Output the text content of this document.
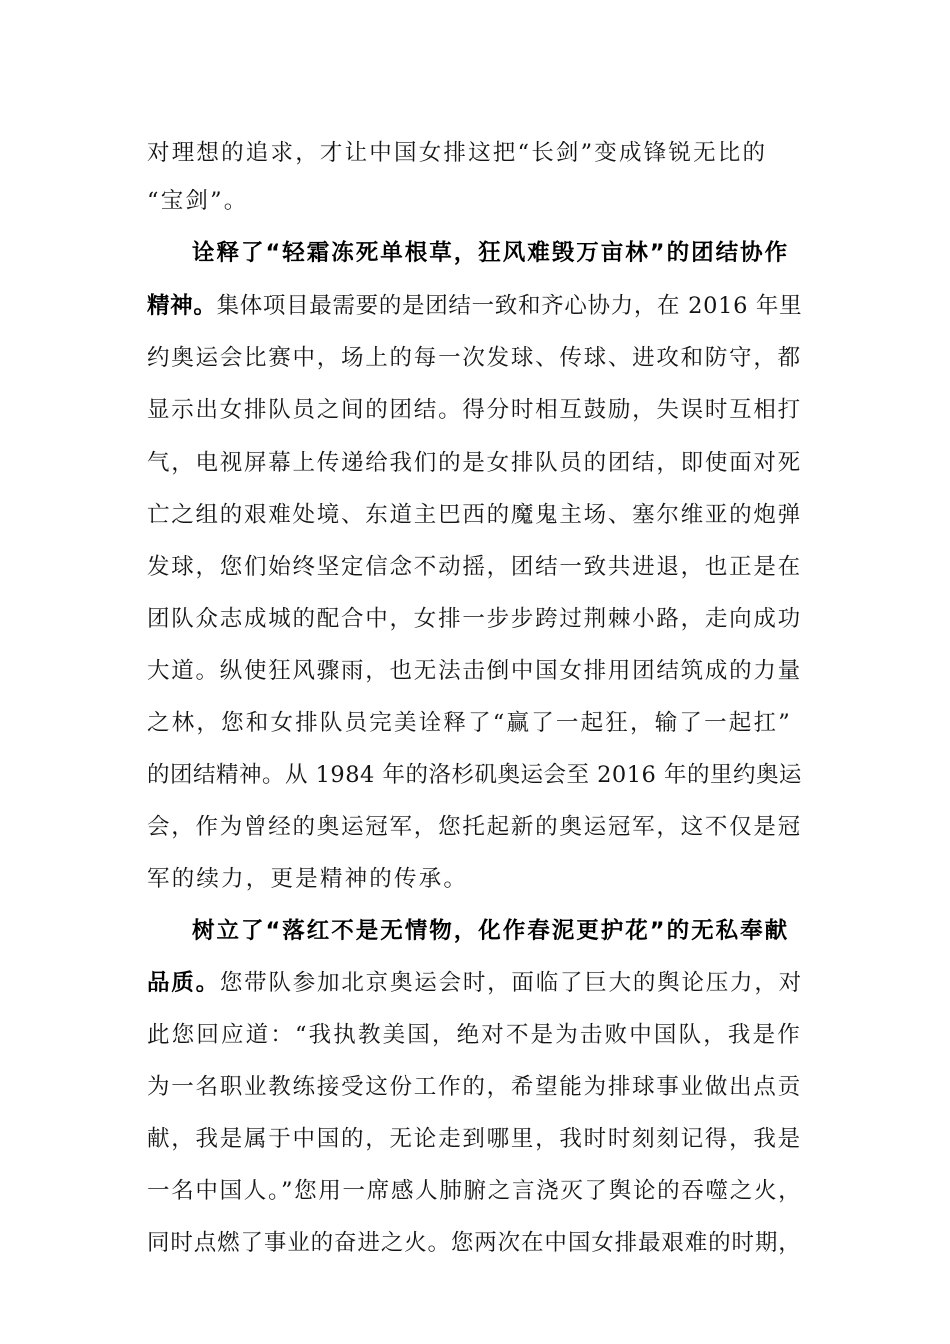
对理想的追求，才让中国女排这把“长剑”变成锋锐无比的
“宝剑”。
诠释了“轻霜冻死单根草，狂风难毁万亩林”的团结协作
精神。集体项目最需要的是团结一致和齐心协力，在 2016 年里
约奥运会比赛中，场上的每一次发球、传球、进攻和防守，都
显示出女排队员之间的团结。得分时相互鼓励，失误时互相打
气，电视屏幕上传递给我们的是女排队员的团结，即使面对死
亡之组的艰难处境、东道主巴西的魔鬼主场、塞尔维亚的炮弹
发球，您们始终坚定信念不动摇，团结一致共进退，也正是在
团队众志成城的配合中，女排一步步跨过荆棘小路，走向成功
大道。纵使狂风骤雨，也无法击倒中国女排用团结筑成的力量
之林，您和女排队员完美诠释了“赢了一起狂，输了一起扛”
的团结精神。从 1984 年的洛杉矶奥运会至 2016 年的里约奥运
会，作为曾经的奥运冠军，您托起新的奥运冠军，这不仅是冠
军的续力，更是精神的传承。
树立了“落红不是无情物，化作春泥更护花”的无私奉献
品质。您带队参加北京奥运会时，面临了巨大的舆论压力，对
此您回应道：“我执教美国，绝对不是为击败中国队，我是作
为一名职业教练接受这份工作的，希望能为排球事业做出点贡
献，我是属于中国的，无论走到哪里，我时时刻刻记得，我是
一名中国人。”您用一席感人肺腑之言浇灭了舆论的吞噬之火，
同时点燃了事业的奋进之火。您两次在中国女排最艰难的时期，
